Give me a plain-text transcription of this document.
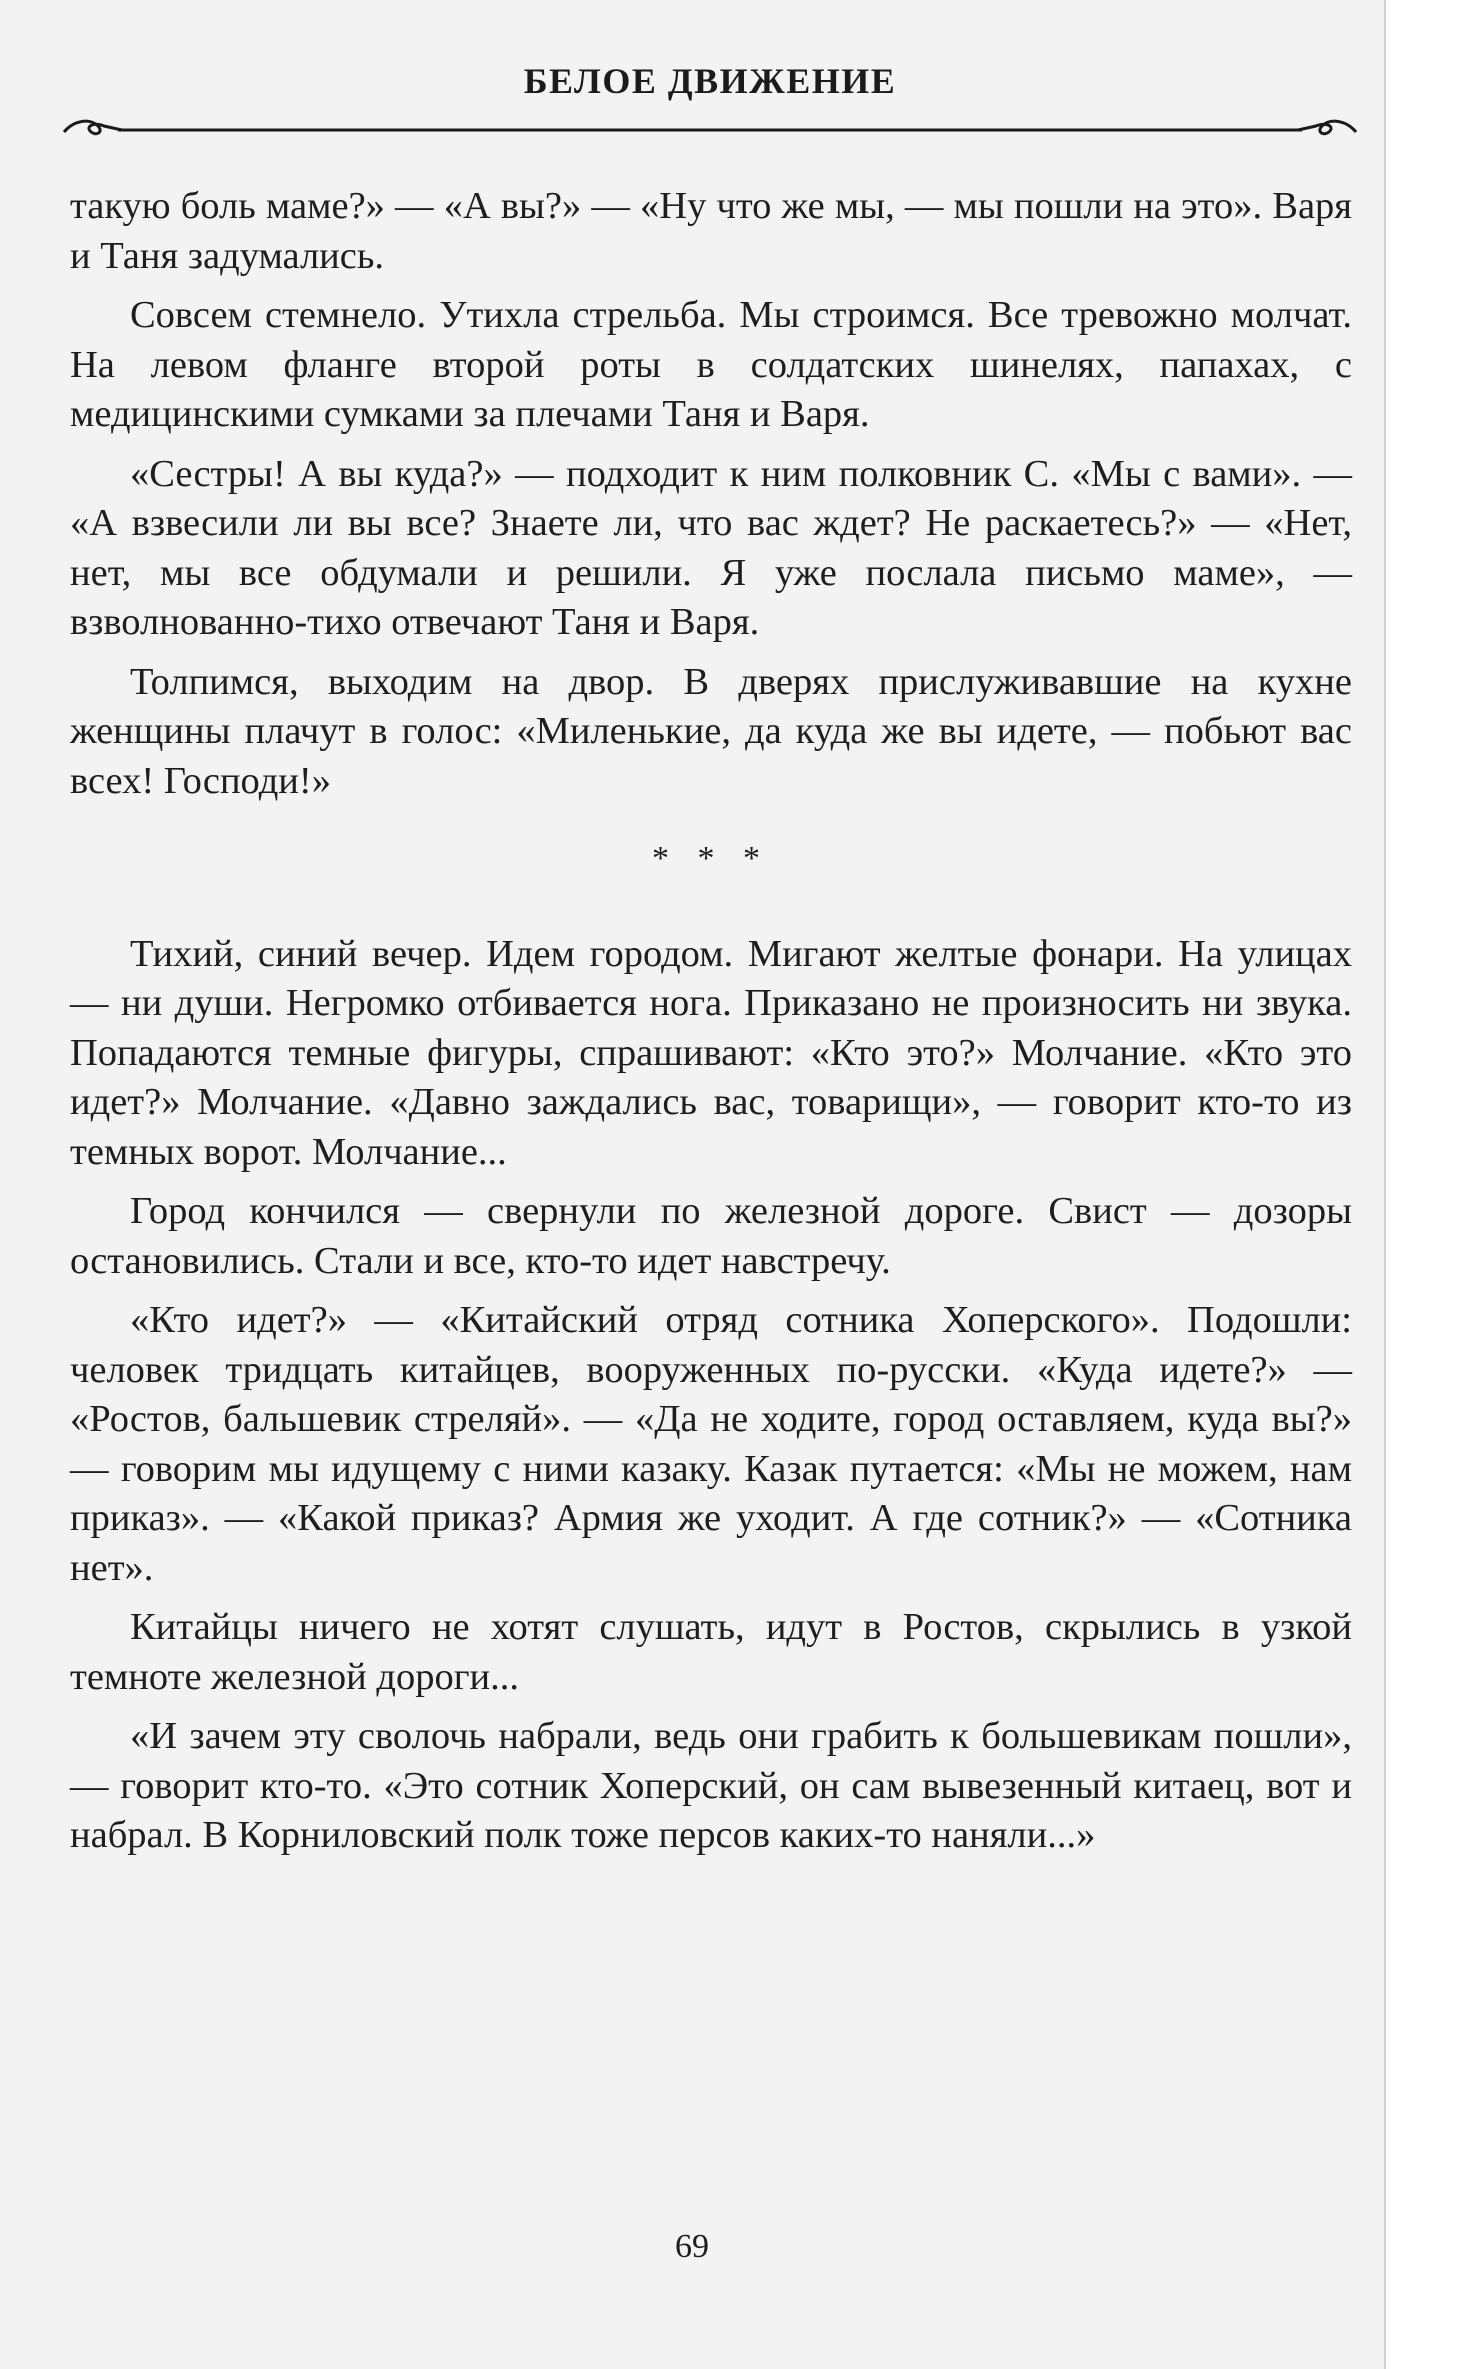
БЕЛОЕ ДВИЖЕНИЕ

такую боль маме?» — «А вы?» — «Ну что же мы, — мы пошли на это». Варя и Таня задумались.

Совсем стемнело. Утихла стрельба. Мы строимся. Все тревожно молчат. На левом фланге второй роты в солдатских шинелях, папахах, с медицинскими сумками за плечами Таня и Варя.

«Сестры! А вы куда?» — подходит к ним полковник С. «Мы с вами». — «А взвесили ли вы все? Знаете ли, что вас ждет? Не раскаетесь?» — «Нет, нет, мы все обдумали и решили. Я уже послала письмо маме», — взволнованно-тихо отвечают Таня и Варя.

Толпимся, выходим на двор. В дверях прислуживавшие на кухне женщины плачут в голос: «Миленькие, да куда же вы идете, — побьют вас всех! Господи!»

* * *

Тихий, синий вечер. Идем городом. Мигают желтые фонари. На улицах — ни души. Негромко отбивается нога. Приказано не произносить ни звука. Попадаются темные фигуры, спрашивают: «Кто это?» Молчание. «Кто это идет?» Молчание. «Давно заждались вас, товарищи», — говорит кто-то из темных ворот. Молчание...

Город кончился — свернули по железной дороге. Свист — дозоры остановились. Стали и все, кто-то идет навстречу.

«Кто идет?» — «Китайский отряд сотника Хоперского». Подошли: человек тридцать китайцев, вооруженных по-русски. «Куда идете?» — «Ростов, бальшевик стреляй». — «Да не ходите, город оставляем, куда вы?» — говорим мы идущему с ними казаку. Казак путается: «Мы не можем, нам приказ». — «Какой приказ? Армия же уходит. А где сотник?» — «Сотника нет».

Китайцы ничего не хотят слушать, идут в Ростов, скрылись в узкой темноте железной дороги...

«И зачем эту сволочь набрали, ведь они грабить к большевикам пошли», — говорит кто-то. «Это сотник Хоперский, он сам вывезенный китаец, вот и набрал. В Корниловский полк тоже персов каких-то наняли...»

69
